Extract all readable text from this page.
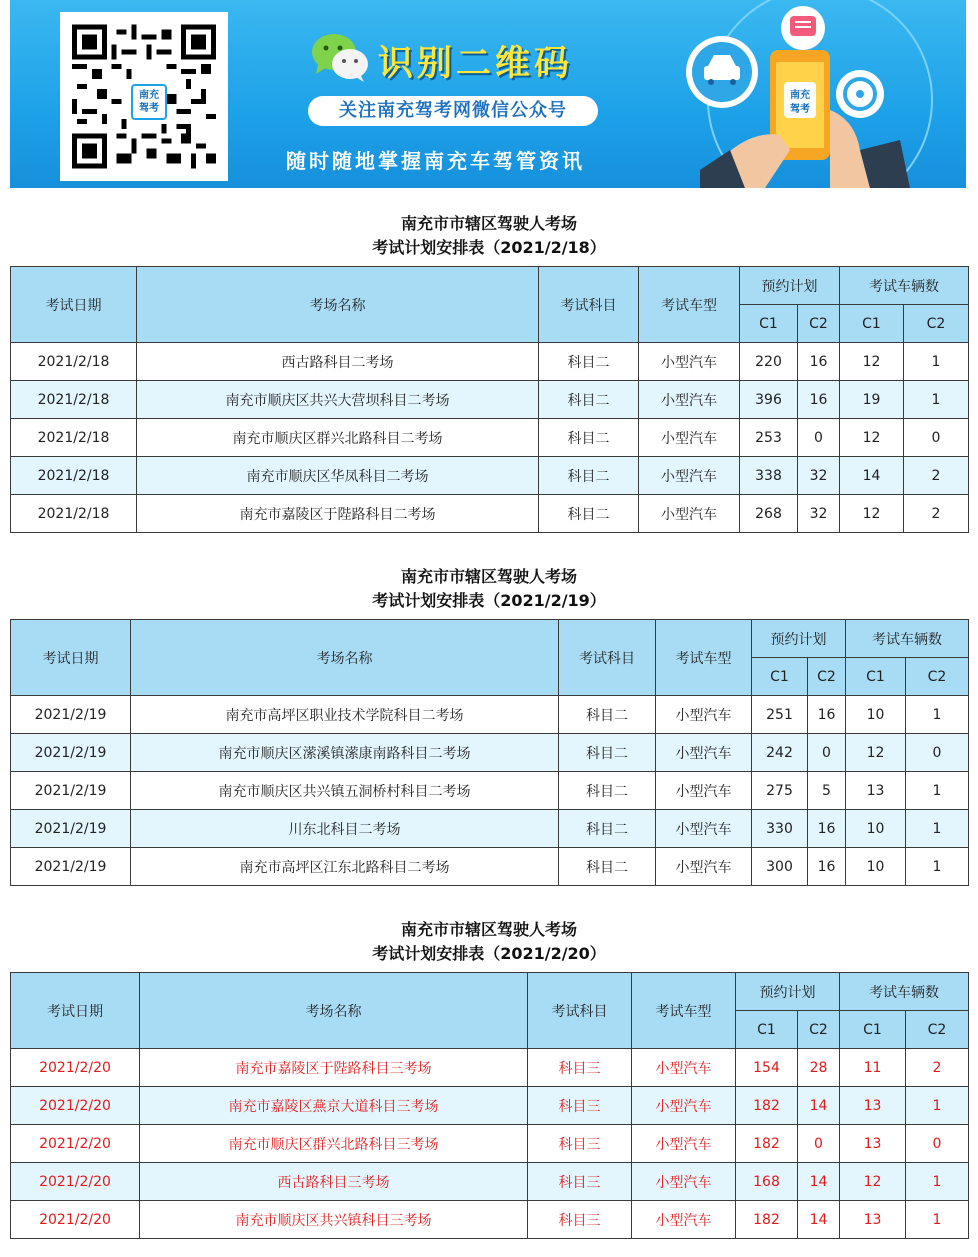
南充
驾考
识别二维码
关注南充驾考网微信公众号
随时随地掌握南充车驾管资讯
南充
驾考
南充市市辖区驾驶人考场
考试计划安排表（2021/2/18）
考试日期	考场名称	考试科目	考试车型	预约计划		考试车辆数	
				C1	C2	C1	C2
2021/2/18	西古路科目二考场	科目二	小型汽车	220	16	12	1
2021/2/18	南充市顺庆区共兴大营坝科目二考场	科目二	小型汽车	396	16	19	1
2021/2/18	南充市顺庆区群兴北路科目二考场	科目二	小型汽车	253	0	12	0
2021/2/18	南充市顺庆区华凤科目二考场	科目二	小型汽车	338	32	14	2
2021/2/18	南充市嘉陵区于陛路科目二考场	科目二	小型汽车	268	32	12	2
南充市市辖区驾驶人考场
考试计划安排表（2021/2/19）
考试日期	考场名称	考试科目	考试车型	预约计划		考试车辆数	
				C1	C2	C1	C2
2021/2/19	南充市高坪区职业技术学院科目二考场	科目二	小型汽车	251	16	10	1
2021/2/19	南充市顺庆区潆溪镇潆康南路科目二考场	科目二	小型汽车	242	0	12	0
2021/2/19	南充市顺庆区共兴镇五洞桥村科目二考场	科目二	小型汽车	275	5	13	1
2021/2/19	川东北科目二考场	科目二	小型汽车	330	16	10	1
2021/2/19	南充市高坪区江东北路科目二考场	科目二	小型汽车	300	16	10	1
南充市市辖区驾驶人考场
考试计划安排表（2021/2/20）
考试日期	考场名称	考试科目	考试车型	预约计划		考试车辆数	
				C1	C2	C1	C2
2021/2/20	南充市嘉陵区于陛路科目三考场	科目三	小型汽车	154	28	11	2
2021/2/20	南充市嘉陵区燕京大道科目三考场	科目三	小型汽车	182	14	13	1
2021/2/20	南充市顺庆区群兴北路科目三考场	科目三	小型汽车	182	0	13	0
2021/2/20	西古路科目三考场	科目三	小型汽车	168	14	12	1
2021/2/20	南充市顺庆区共兴镇科目三考场	科目三	小型汽车	182	14	13	1
